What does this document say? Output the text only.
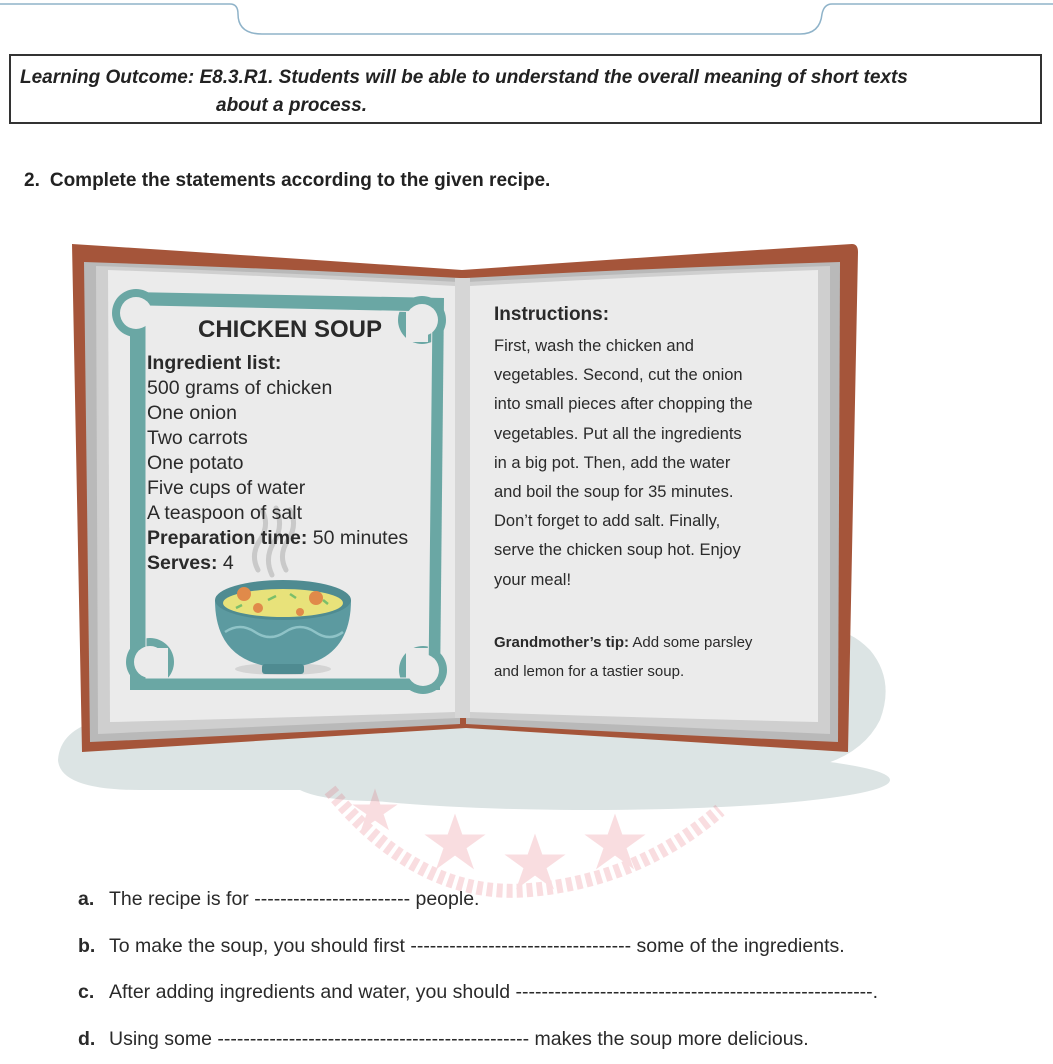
Learning Outcome: E8.3.R1. Students will be able to understand the overall meaning of short texts
about a process.
2. Complete the statements according to the given recipe.
CHICKEN SOUP
Ingredient list:
500 grams of chicken
One onion
Two carrots
One potato
Five cups of water
A teaspoon of salt
Preparation time: 50 minutes
Serves: 4
Instructions:
First, wash the chicken and
vegetables. Second, cut the onion
into small pieces after chopping the
vegetables. Put all the ingredients
in a big pot. Then, add the water
and boil the soup for 35 minutes.
Don’t forget to add salt. Finally,
serve the chicken soup hot. Enjoy
your meal!
Grandmother’s tip: Add some parsley
and lemon for a tastier soup.
a. The recipe is for ------------------------ people.
b. To make the soup, you should first ---------------------------------- some of the ingredients.
c. After adding ingredients and water, you should -------------------------------------------------------.
d. Using some ------------------------------------------------ makes the soup more delicious.
